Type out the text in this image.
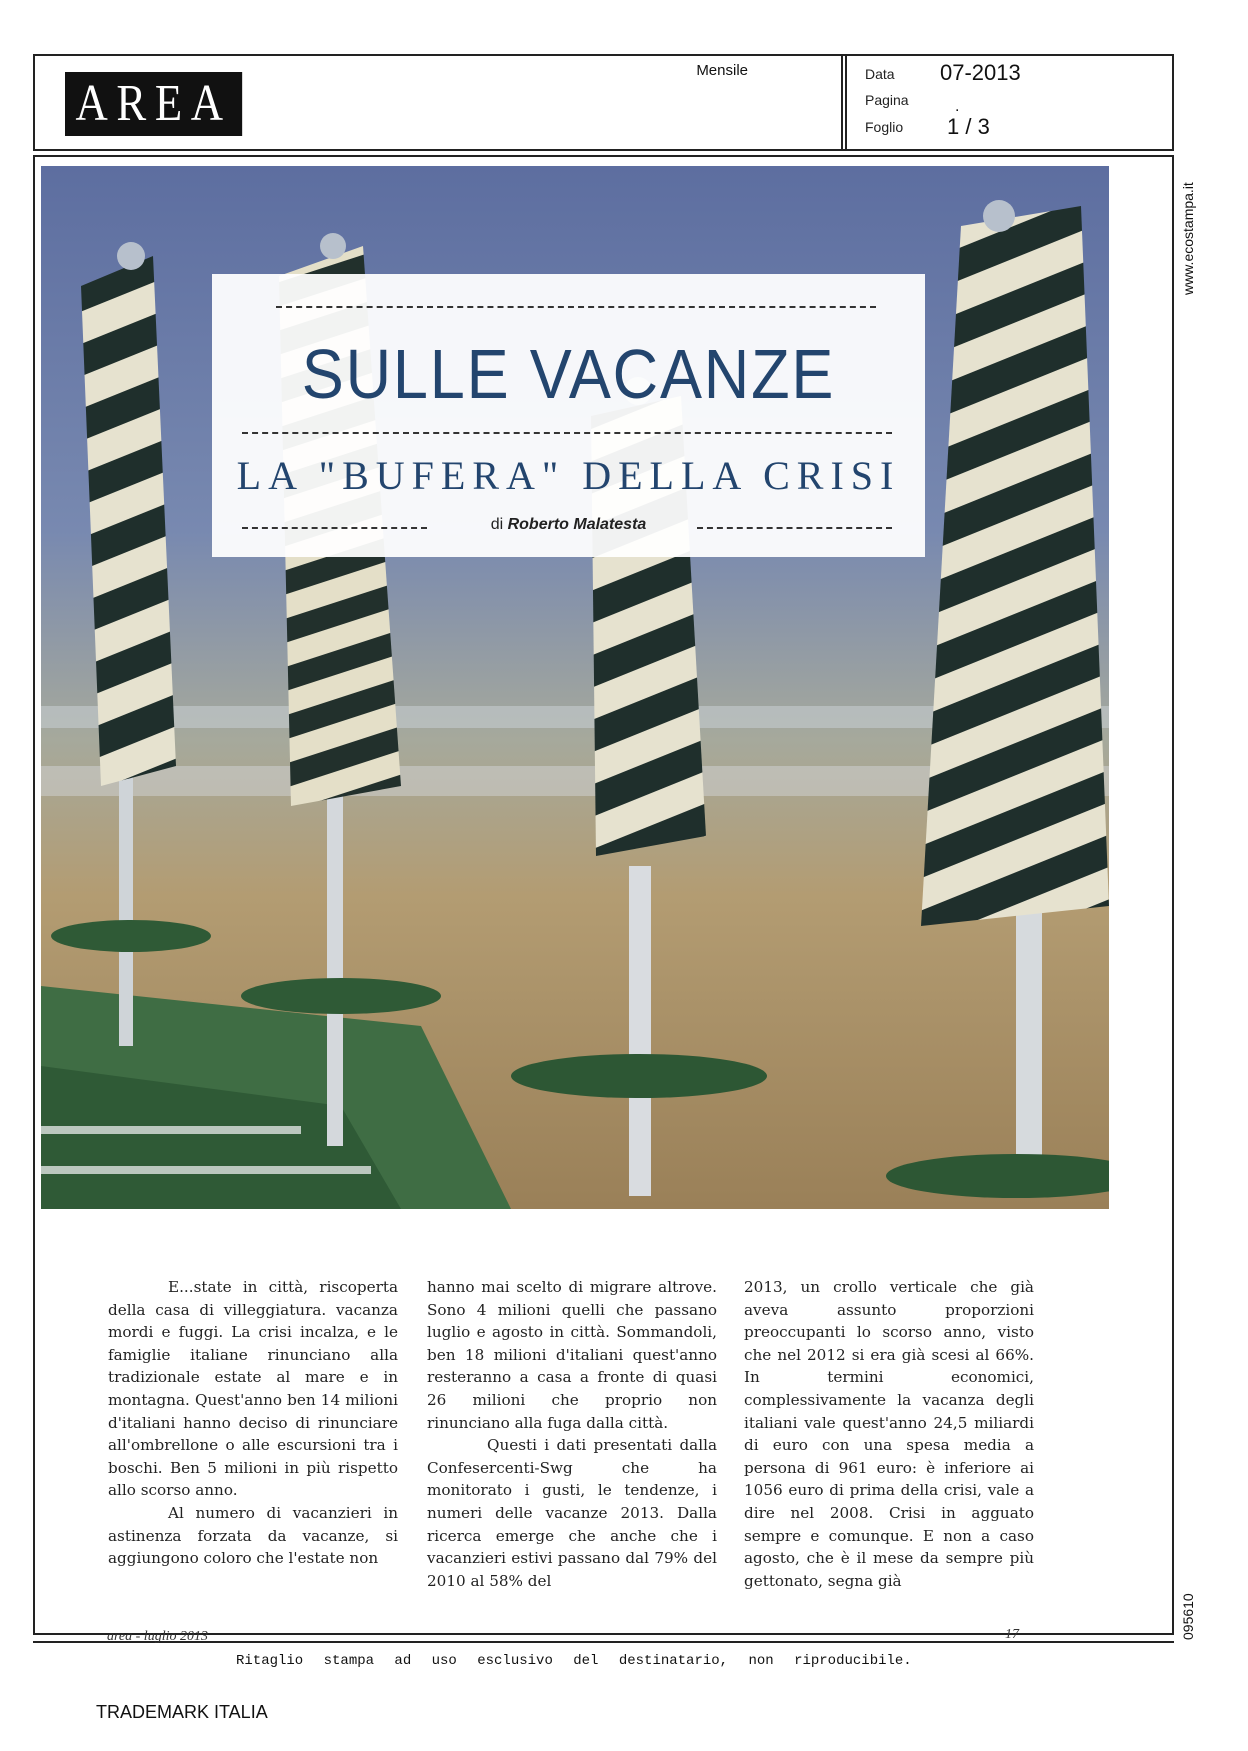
AREA
Mensile	Data 07-2013
Pagina	.
Foglio 1 / 3
SULLE VACANZE
LA "BUFERA" DELLA CRISI
di Roberto Malatesta

E...state in città, riscoperta della casa di villeggiatura. vacanza mordi e fuggi. La crisi incalza, e le famiglie italiane rinunciano alla tradizionale estate al mare e in montagna. Quest'anno ben 14 milioni d'italiani hanno deciso di rinunciare all'ombrellone o alle escursioni tra i boschi. Ben 5 milioni in più rispetto allo scorso anno.

Al numero di vacanzieri in astinenza forzata da vacanze, si aggiungono coloro che l'estate non

hanno mai scelto di migrare altrove. Sono 4 milioni quelli che passano luglio e agosto in città. Sommandoli, ben 18 milioni d'italiani quest'anno resteranno a casa a fronte di quasi 26 milioni che proprio non rinunciano alla fuga dalla città.

Questi i dati presentati dalla Confesercenti-Swg che ha monitorato i gusti, le tendenze, i numeri delle vacanze 2013. Dalla ricerca emerge che anche che i vacanzieri estivi passano dal 79% del 2010 al 58% del

2013, un crollo verticale che già aveva assunto proporzioni preoccupanti lo scorso anno, visto che nel 2012 si era già scesi al 66%. In termini economici, complessivamente la vacanza degli italiani vale quest'anno 24,5 miliardi di euro con una spesa media a persona di 961 euro: è inferiore ai 1056 euro di prima della crisi, vale a dire nel 2008. Crisi in agguato sempre e comunque. E non a caso agosto, che è il mese da sempre più gettonato, segna già

area - luglio 2013	17
Ritaglio stampa ad uso esclusivo del destinatario, non riproducibile.
TRADEMARK ITALIA
www.ecostampa.it
095610
